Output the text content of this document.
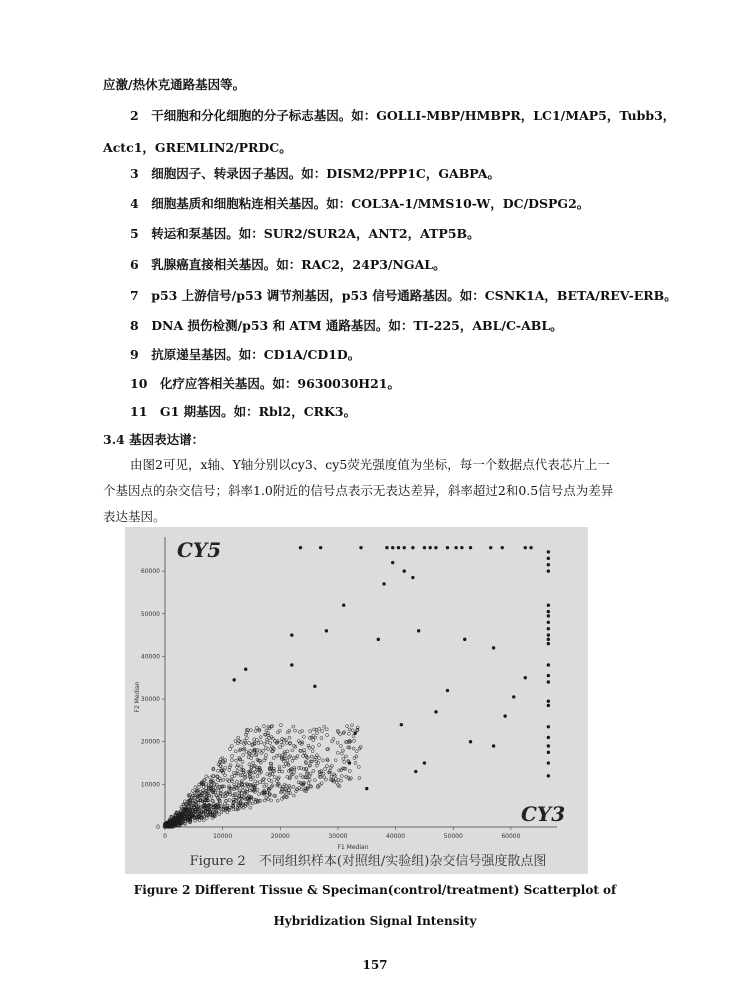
应激/热休克通路基因等。
2　干细胞和分化细胞的分子标志基因。如：GOLLI-MBP/HMBPR，LC1/MAP5，Tubb3，
Actc1，GREMLIN2/PRDC。
3　细胞因子、转录因子基因。如：DISM2/PPP1C，GABPA。
4　细胞基质和细胞粘连相关基因。如：COL3A-1/MMS10-W，DC/DSPG2。
5　转运和泵基因。如：SUR2/SUR2A，ANT2，ATP5B。
6　乳腺癌直接相关基因。如：RAC2，24P3/NGAL。
7　p53 上游信号/p53 调节剂基因，p53 信号通路基因。如：CSNK1A，BETA/REV-ERB。
8　DNA 损伤检测/p53 和 ATM 通路基因。如：TI-225，ABL/C-ABL。
9　抗原递呈基因。如：CD1A/CD1D。
10　化疗应答相关基因。如：9630030H21。
11　G1 期基因。如：Rbl2，CRK3。
3.4 基因表达谱：
由图2可见，x轴、Y轴分别以cy3、cy5荧光强度值为坐标，每一个数据点代表芯片上一
个基因点的杂交信号；斜率1.0附近的信号点表示无表达差异，斜率超过2和0.5信号点为差异
表达基因。
0	10000	20000	30000	40000	50000	60000
0
10000
20000
30000
40000
50000
60000
CY5
CY3
F1 Median
F2 Median
Figure 2　不同组织样本(对照组/实验组)杂交信号强度散点图
Figure 2 Different Tissue & Speciman(control/treatment) Scatterplot of
Hybridization Signal Intensity
157
